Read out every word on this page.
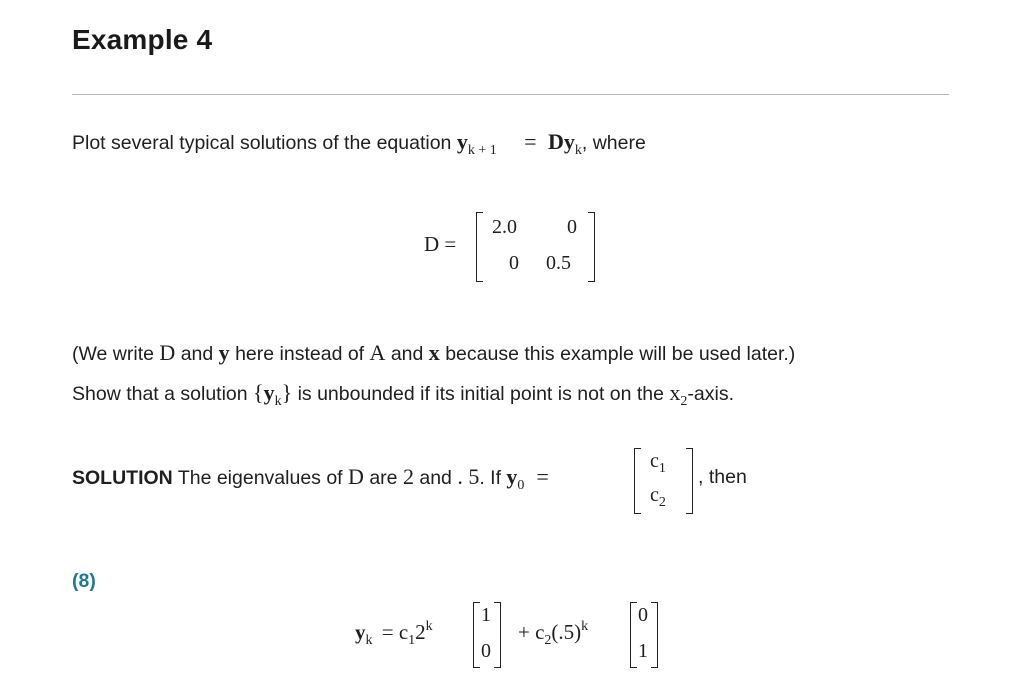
Example 4
Plot several typical solutions of the equation $y_{k + 1} = Dy_k$, where
D =
2.0	0
0 0.5
(We write D and y here instead of A and x because this example will be used later.)
Show that a solution $\{y_k\}$ is unbounded if its initial point is not on the $x_2$-axis.
SOLUTION The eigenvalues of D are 2 and . 5. If $y_0$ =
$c_1$
$c_2$
, then
(8)
$y_k = c_12^k$
1
0
+ $c_2(.5)^k$
0
1
